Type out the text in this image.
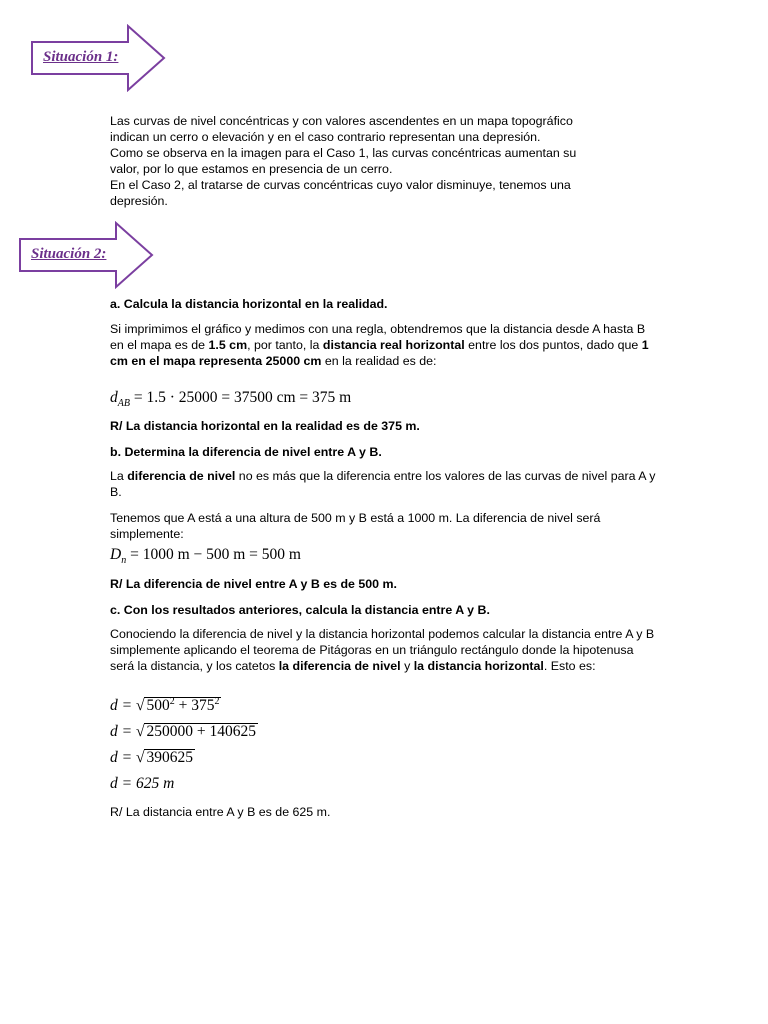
Situación 1:

Las curvas de nivel concéntricas y con valores ascendentes en un mapa topográfico

indican un cerro o elevación y en el caso contrario representan una depresión.

Como se observa en la imagen para el Caso 1, las curvas concéntricas aumentan su

valor, por lo que estamos en presencia de un cerro.

En el Caso 2, al tratarse de curvas concéntricas cuyo valor disminuye, tenemos una

depresión.

Situación 2:
a. Calcula la distancia horizontal en la realidad.

Si imprimimos el gráfico y medimos con una regla, obtendremos que la distancia desde A hasta B en el mapa es de 1.5 cm, por tanto, la distancia real horizontal entre los dos puntos, dado que 1 cm en el mapa representa 25000 cm en la realidad es de:

$d_{AB} = 1.5 \cdot 25000 = 37500$ cm = 375 m
R/ La distancia horizontal en la realidad es de 375 m.
b. Determina la diferencia de nivel entre A y B.

La diferencia de nivel no es más que la diferencia entre los valores de las curvas de nivel para A y B.

Tenemos que A está a una altura de 500 m y B está a 1000 m. La diferencia de nivel será simplemente:
$D_n = 1000$ m − 500 m = 500 m
R/ La diferencia de nivel entre A y B es de 500 m.
c. Con los resultados anteriores, calcula la distancia entre A y B.

Conociendo la diferencia de nivel y la distancia horizontal podemos calcular la distancia entre A y B simplemente aplicando el teorema de Pitágoras en un triángulo rectángulo donde la hipotenusa será la distancia, y los catetos la diferencia de nivel y la distancia horizontal. Esto es:

d = √ $500^2 + 375^2$
d = √ 250000 + 140625
d = √ 390625
d = 625 m
R/ La distancia entre A y B es de 625 m.
